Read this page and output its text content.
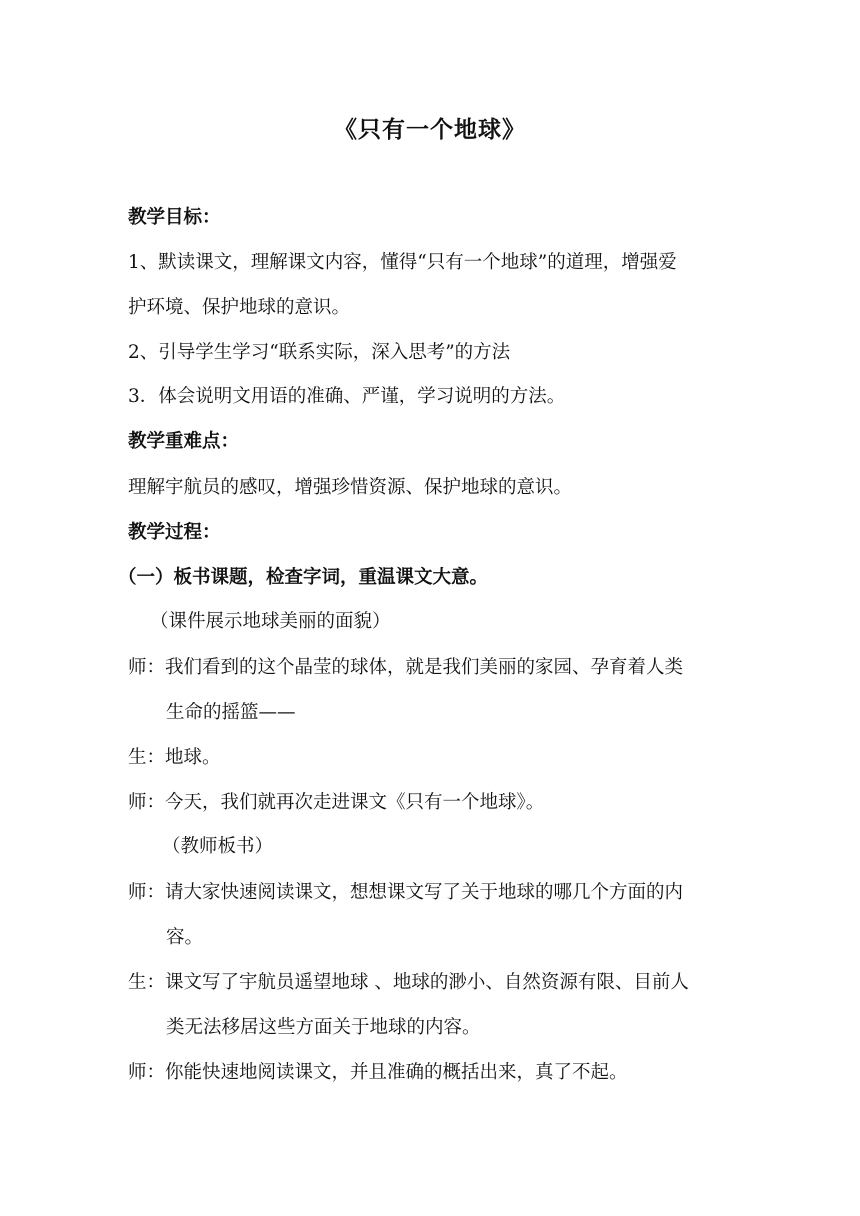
《只有一个地球》
教学目标：
1、默读课文，理解课文内容，懂得“只有一个地球”的道理，增强爱
护环境、保护地球的意识。
2、引导学生学习“联系实际，深入思考”的方法
3．体会说明文用语的准确、严谨，学习说明的方法。
教学重难点：
理解宇航员的感叹，增强珍惜资源、保护地球的意识。
教学过程：
（一）板书课题，检查字词，重温课文大意。
（课件展示地球美丽的面貌）
师：我们看到的这个晶莹的球体，就是我们美丽的家园、孕育着人类
生命的摇篮——
生：地球。
师：今天，我们就再次走进课文《只有一个地球》。
（教师板书）
师：请大家快速阅读课文，想想课文写了关于地球的哪几个方面的内
容。
生：课文写了宇航员遥望地球 、地球的渺小、自然资源有限、目前人
类无法移居这些方面关于地球的内容。
师：你能快速地阅读课文，并且准确的概括出来，真了不起。
